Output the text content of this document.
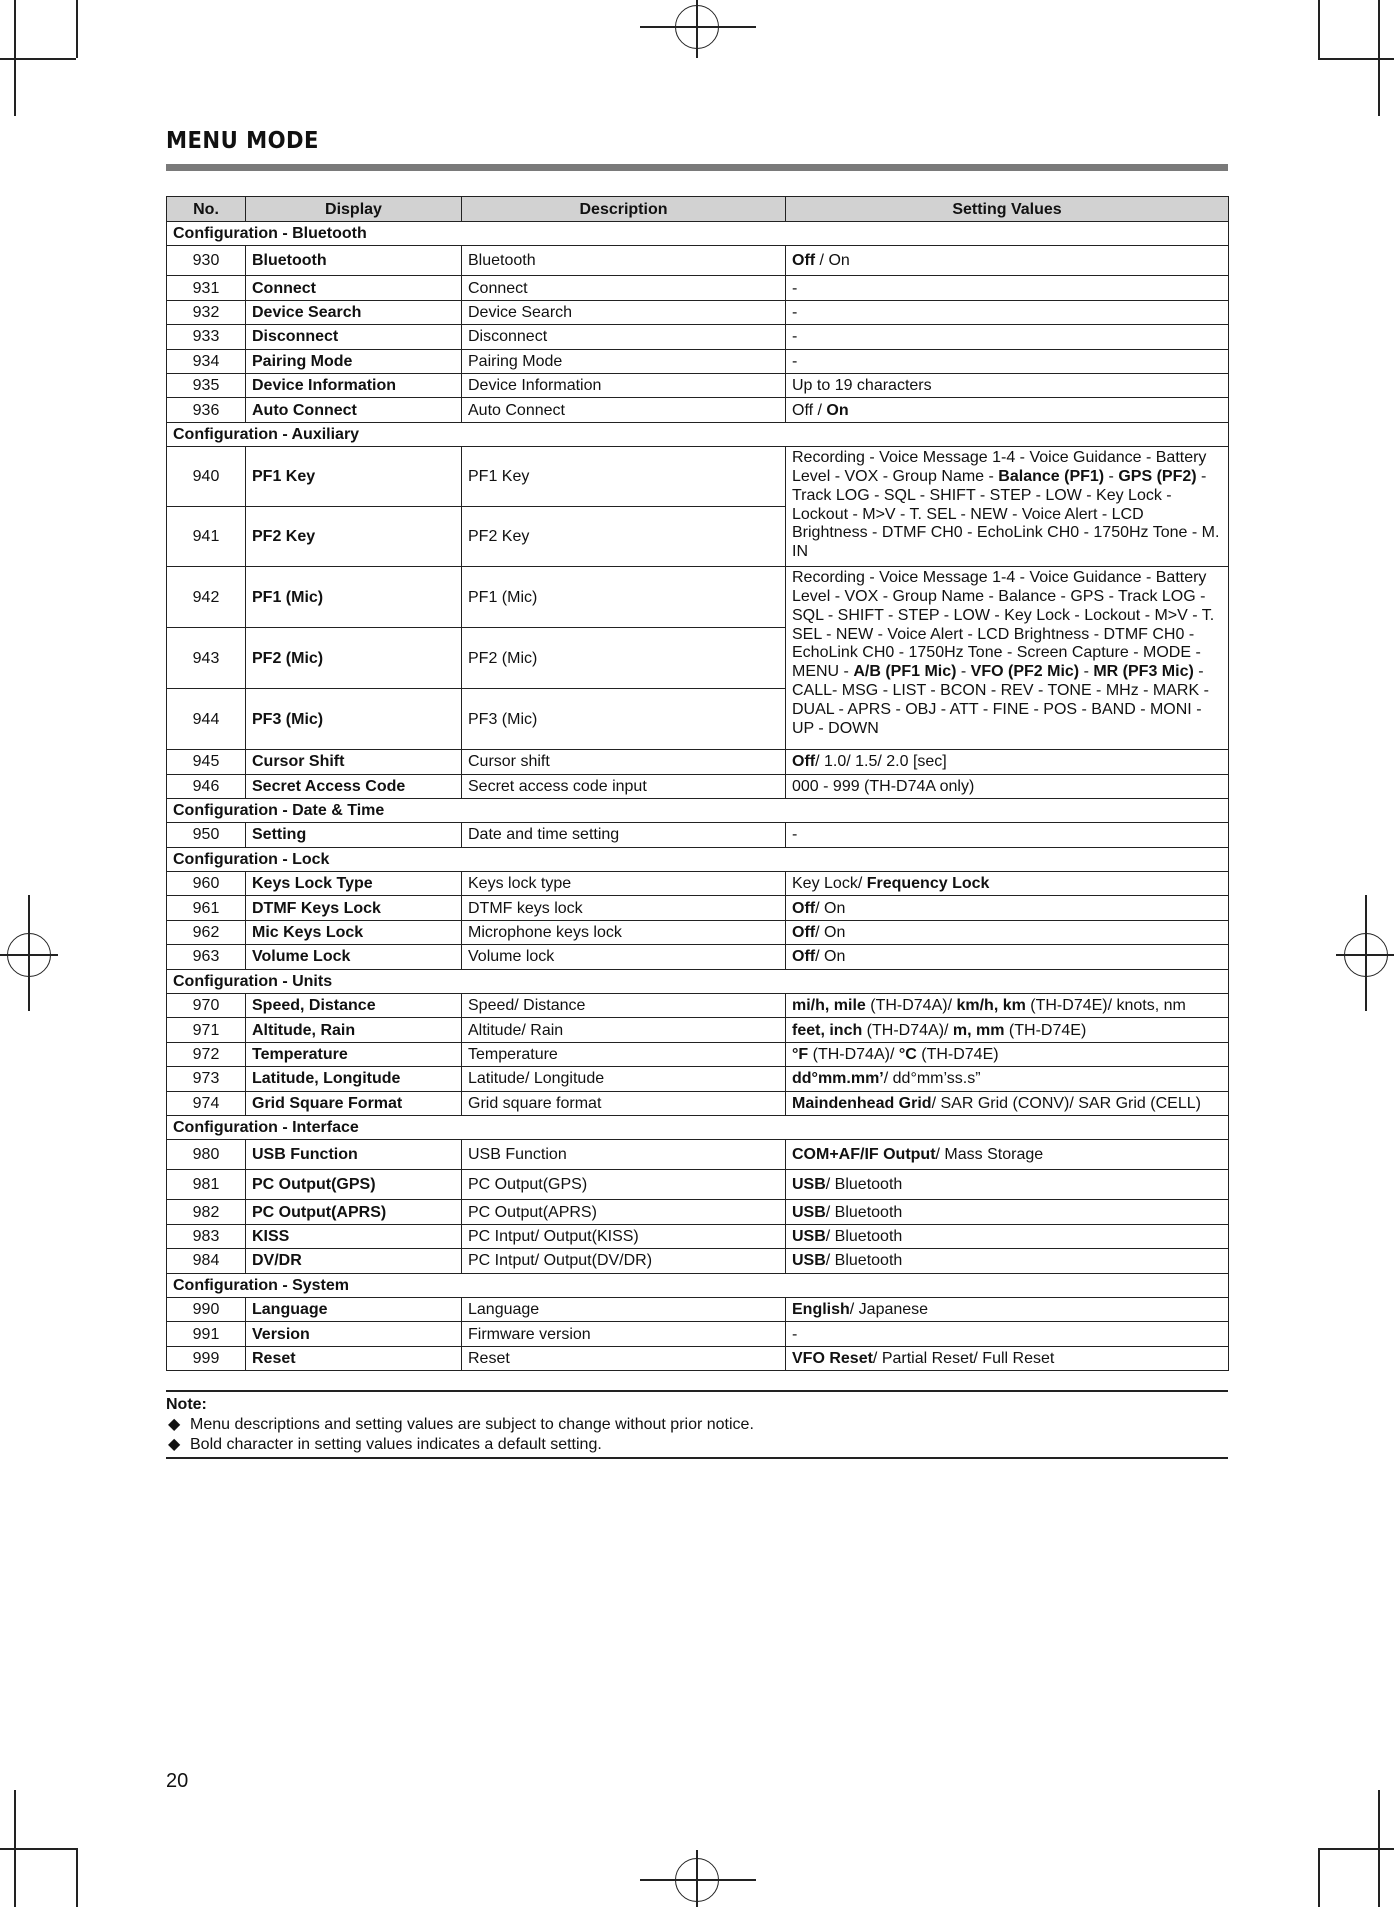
MENU MODE
No.	Display	Description	Setting Values
Configuration - Bluetooth			
930	Bluetooth	Bluetooth	Off / On
931	Connect	Connect	-
932	Device Search	Device Search	-
933	Disconnect	Disconnect	-
934	Pairing Mode	Pairing Mode	-
935	Device Information	Device Information	Up to 19 characters
936	Auto Connect	Auto Connect	Off / On
Configuration - Auxiliary			
940	PF1 Key	PF1 Key	Recording - Voice Message 1-4 - Voice Guidance - Battery Level - VOX - Group Name - Balance (PF1) - GPS (PF2) - Track LOG - SQL - SHIFT - STEP - LOW - Key Lock - Lockout - M>V - T. SEL - NEW - Voice Alert - LCD Brightness - DTMF CH0 - EchoLink CH0 - 1750Hz Tone - M. IN
941	PF2 Key	PF2 Key	
942	PF1 (Mic)	PF1 (Mic)	Recording - Voice Message 1-4 - Voice Guidance - Battery Level - VOX - Group Name - Balance - GPS - Track LOG - SQL - SHIFT - STEP - LOW - Key Lock - Lockout - M>V - T. SEL - NEW - Voice Alert - LCD Brightness - DTMF CH0 - EchoLink CH0 - 1750Hz Tone - Screen Capture - MODE - MENU - A/B (PF1 Mic) - VFO (PF2 Mic) - MR (PF3 Mic) - CALL- MSG - LIST - BCON - REV - TONE - MHz - MARK - DUAL - APRS - OBJ - ATT - FINE - POS - BAND - MONI - UP - DOWN
943	PF2 (Mic)	PF2 (Mic)	
944	PF3 (Mic)	PF3 (Mic)	
945	Cursor Shift	Cursor shift	Off/ 1.0/ 1.5/ 2.0 [sec]
946	Secret Access Code	Secret access code input	000 - 999 (TH-D74A only)
Configuration - Date & Time			
950	Setting	Date and time setting	-
Configuration - Lock			
960	Keys Lock Type	Keys lock type	Key Lock/ Frequency Lock
961	DTMF Keys Lock	DTMF keys lock	Off/ On
962	Mic Keys Lock	Microphone keys lock	Off/ On
963	Volume Lock	Volume lock	Off/ On
Configuration - Units			
970	Speed, Distance	Speed/ Distance	mi/h, mile (TH-D74A)/ km/h, km (TH-D74E)/ knots, nm
971	Altitude, Rain	Altitude/ Rain	feet, inch (TH-D74A)/ m, mm (TH-D74E)
972	Temperature	Temperature	°F (TH-D74A)/ °C (TH-D74E)
973	Latitude, Longitude	Latitude/ Longitude	dd°mm.mm’/ dd°mm’ss.s”
974	Grid Square Format	Grid square format	Maindenhead Grid/ SAR Grid (CONV)/ SAR Grid (CELL)
Configuration - Interface			
980	USB Function	USB Function	COM+AF/IF Output/ Mass Storage
981	PC Output(GPS)	PC Output(GPS)	USB/ Bluetooth
982	PC Output(APRS)	PC Output(APRS)	USB/ Bluetooth
983	KISS	PC Intput/ Output(KISS)	USB/ Bluetooth
984	DV/DR	PC Intput/ Output(DV/DR)	USB/ Bluetooth
Configuration - System			
990	Language	Language	English/ Japanese
991	Version	Firmware version	-
999	Reset	Reset	VFO Reset/ Partial Reset/ Full Reset
Note:
◆ Menu descriptions and setting values are subject to change without prior notice.
◆ Bold character in setting values indicates a default setting.
20
